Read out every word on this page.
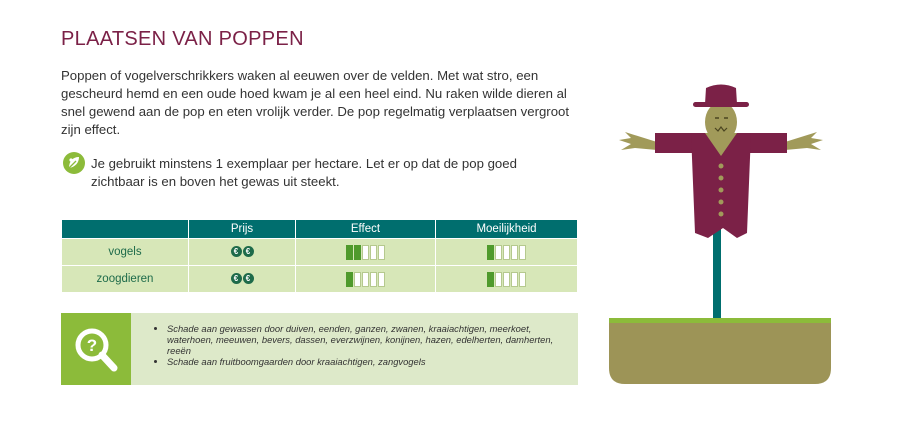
PLAATSEN VAN POPPEN

Poppen of vogelverschrikkers waken al eeuwen over de velden. Met wat stro, een gescheurd hemd en een oude hoed kwam je al een heel eind. Nu raken wilde dieren al snel gewend aan de pop en eten vrolijk verder. De pop regelmatig verplaatsen vergroot zijn effect.

Je gebruikt minstens 1 exemplaar per hectare. Let er op dat de pop goed zichtbaar is en boven het gewas uit steekt.

	Prijs	Effect	Moeilijkheid
vogels	€ €	

zoogdieren	€ €	

?
• Schade aan gewassen door duiven, eenden, ganzen, zwanen, kraaiachtigen, meerkoet, waterhoen, meeuwen, bevers, dassen, everzwijnen, konijnen, hazen, edelherten, damherten, reeën
• Schade aan fruitboomgaarden door kraaiachtigen, zangvogels
